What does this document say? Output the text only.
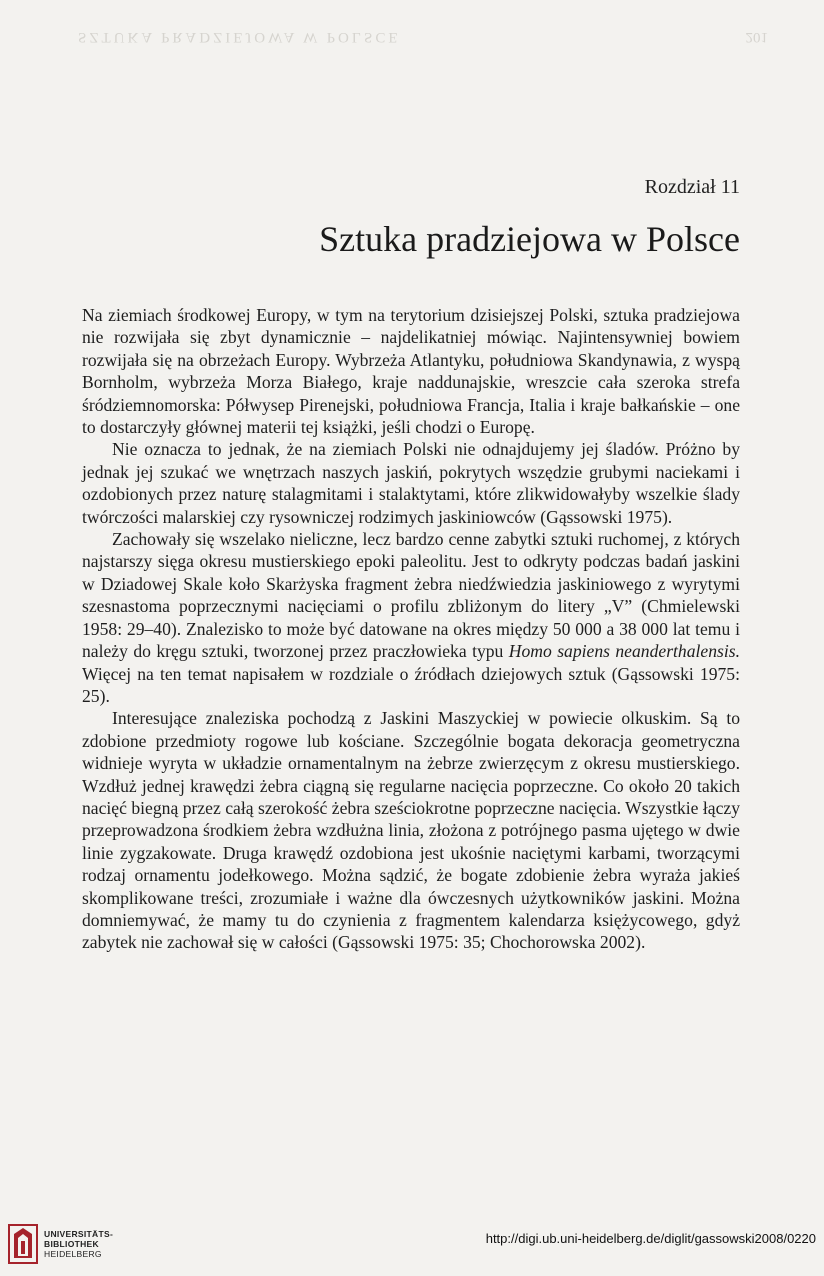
SZTUKA PRADZIEJOWA W POLSCE	201
Rozdział 11
Sztuka pradziejowa w Polsce

Na ziemiach środkowej Europy, w tym na terytorium dzisiejszej Polski, sztuka pradziejowa nie rozwijała się zbyt dynamicznie – najdelikatniej mówiąc. Najintensywniej bowiem rozwijała się na obrzeżach Europy. Wybrzeża Atlantyku, południowa Skandynawia, z wyspą Bornholm, wybrzeża Morza Białego, kraje naddunajskie, wreszcie cała szeroka strefa śródziemnomorska: Półwysep Pirenejski, południowa Francja, Italia i kraje bałkańskie – one to dostarczyły głównej materii tej książki, jeśli chodzi o Europę.

Nie oznacza to jednak, że na ziemiach Polski nie odnajdujemy jej śladów. Próżno by jednak jej szukać we wnętrzach naszych jaskiń, pokrytych wszędzie grubymi naciekami i ozdobionych przez naturę stalagmitami i stalaktytami, które zlikwidowałyby wszelkie ślady twórczości malarskiej czy rysowniczej rodzimych jaskiniowców (Gąssowski 1975).

Zachowały się wszelako nieliczne, lecz bardzo cenne zabytki sztuki ruchomej, z których najstarszy sięga okresu mustierskiego epoki paleolitu. Jest to odkryty podczas badań jaskini w Dziadowej Skale koło Skarżyska fragment żebra niedźwiedzia jaskiniowego z wyrytymi szesnastoma poprzecznymi nacięciami o profilu zbliżonym do litery „V” (Chmielewski 1958: 29–40). Znalezisko to może być datowane na okres między 50 000 a 38 000 lat temu i należy do kręgu sztuki, tworzonej przez praczłowieka typu Homo sapiens neanderthalensis. Więcej na ten temat napisałem w rozdziale o źródłach dziejowych sztuk (Gąssowski 1975: 25).

Interesujące znaleziska pochodzą z Jaskini Maszyckiej w powiecie olkuskim. Są to zdobione przedmioty rogowe lub kościane. Szczególnie bogata dekoracja geometryczna widnieje wyryta w układzie ornamentalnym na żebrze zwierzęcym z okresu mustierskiego. Wzdłuż jednej krawędzi żebra ciągną się regularne nacięcia poprzeczne. Co około 20 takich nacięć biegną przez całą szerokość żebra sześciokrotne poprzeczne nacięcia. Wszystkie łączy przeprowadzona środkiem żebra wzdłużna linia, złożona z potrójnego pasma ujętego w dwie linie zygzakowate. Druga krawędź ozdobiona jest ukośnie naciętymi karbami, tworzącymi rodzaj ornamentu jodełkowego. Można sądzić, że bogate zdobienie żebra wyraża jakieś skomplikowane treści, zrozumiałe i ważne dla ówczesnych użytkowników jaskini. Można domniemywać, że mamy tu do czynienia z fragmentem kalendarza księżycowego, gdyż zabytek nie zachował się w całości (Gąssowski 1975: 35; Chochorowska 2002).

UNIVERSITÄTS-
BIBLIOTHEK
HEIDELBERG
http://digi.ub.uni-heidelberg.de/diglit/gassowski2008/0220
